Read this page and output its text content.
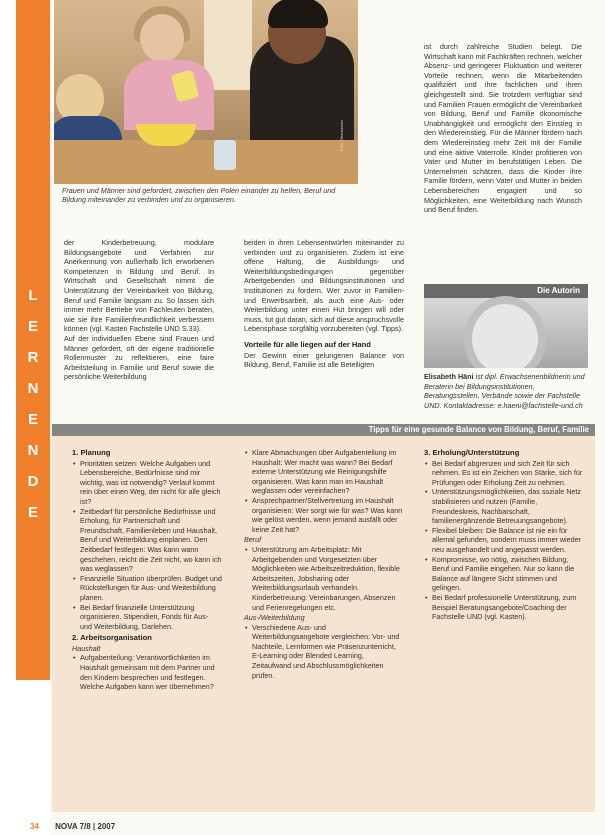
L
E
R
N
E
N
D
E
Foto: Oberbacher
Frauen und Männer sind gefordert, zwischen den Polen einander zu helfen, Beruf und Bildung miteinander zu verbinden und zu organisieren.

der Kinderbetreuung, modulare Bildungsangebote und Verfahren zur Anerkennung von außerhalb lich erworbenen Kompetenzen in Bildung und Beruf. In Wirtschaft und Gesellschaft nimmt die Unterstützung der Vereinbarkeit von Bildung, Beruf und Familie langsam zu. So lassen sich immer mehr Betriebe von Fachleuten beraten, wie sie ihre Familienfreundlichkeit verbessern können (vgl. Kasten Fachstelle UND S.33).

Auf der individuellen Ebene sind Frauen und Männer gefordert, oft der eigene traditionelle Rollenmuster zu reflektieren, eine faire Arbeitsteilung in Familie und Beruf sowie die persönliche Weiterbildung

beiden in ihren Lebensentwürfen miteinander zu verbinden und zu organisieren. Zudem ist eine offene Haltung, die Ausbildungs- und Weiterbildungsbedingungen gegenüber Arbeitgebenden und Bildungsinstitutionen und Institutionen zu fordern. Wer zuvor in Familien- und Erwerbsarbeit, als auch eine Aus- oder Weiterbildung unter einen Hut bringen will oder muss, tut gut daran, sich auf diese anspruchsvolle Lebensphase sorgfältig vorzubereiten (vgl. Tipps).

Vorteile für alle liegen auf der Hand

Der Gewinn einer gelungenen Balance von Bildung, Beruf, Familie ist alle Beteiligten

ist durch zahlreiche Studien belegt. Die Wirtschaft kann mit Fachkräften rechnen, welcher Absenz- und geringerer Fluktuation und weiterer Vorteile rechnen, wenn die Mitarbeitenden qualifiziert und ihre fachlichen und ihren gleichgestellt sind. Sie trotzdem verfügbar sind und Familien Frauen ermöglicht die Vereinbarkeit von Bildung, Beruf und Familie ökonomische Unabhängigkeit und ermöglicht den Einstieg in den Wiedereinstieg. Für die Männer fördern nach dem Wiedereinstieg mehr Zeit mit der Familie und eine aktive Vaterrolle. Kinder profitieren von Vater und Mutter im berufstätigen Leben. Die Unternehmen schätzen, dass die Kinder ihre Familie fördern, wenn Vater und Mutter in beiden Lebensbereichen engagiert und so Möglichkeiten, eine Weiterbildung nach Wunsch und Beruf finden.

Die Autorin
Elisabeth Häni ist dipl. Erwachsenenbildnerin und Beraterin bei Bildungsinstitutionen, Beratungsstellen, Verbände sowie der Fachstelle UND. Kontaktadresse: e.haeni@fachstelle-und.ch
Tipps für eine gesunde Balance von Bildung, Beruf, Familie
1. Planung
• Prioritäten setzen: Welche Aufgaben und Lebensbereiche, Bedürfnisse sind mir wichtig, was ist notwendig? Verlauf kommt rein über einen Weg, der nicht für alle gleich ist?
• Zeitbedarf für persönliche Bedürfnisse und Erholung, für Partnerschaft und Freundschaft, Familienleben und Haushalt, Beruf und Weiterbildung einplanen. Den Zeitbedarf festlegen: Was kann wann geschehen, reicht die Zeit nicht, wo kann ich was weglassen?
• Finanzielle Situation überprüfen. Budget und Rückstellungen für Aus- und Weiterbildung planen.
• Bei Bedarf finanzielle Unterstützung organisieren. Stipendien, Fonds für Aus- und Weiterbildung, Darlehen.
2. Arbeitsorganisation
Haushalt
• Aufgabenteilung: Verantwortlichkeiten im Haushalt gemeinsam mit dem Partner und den Kindern besprechen und festlegen. Welche Aufgaben kann wer übernehmen?
• Klare Abmachungen über Aufgabenteilung im Haushalt: Wer macht was wann? Bei Bedarf externe Unterstützung wie Reinigungshilfe organisieren. Was kann man im Haushalt weglassen oder vereinfachen?
• Ansprechpartner/Stellvertretung im Haushalt organisieren: Wer sorgt wie für was? Was kann wie gelöst werden, wenn jemand ausfällt oder keine Zeit hat?
Beruf
• Unterstützung am Arbeitsplatz: Mit Arbeitgebenden und Vorgesetzten über Möglichkeiten wie Arbeitszeitreduktion, flexible Arbeitszeiten, Jobsharing oder Weiterbildungsurlaub verhandeln. Kinderbetreuung: Vereinbarungen, Absenzen und Ferienregelungen etc.
Aus-/Weiterbildung
• Verschiedene Aus- und Weiterbildungsangebote vergleichen: Vor- und Nachteile, Lernformen wie Präsenzunterricht, E-Learning oder Blended Learning, Zeitaufwand und Abschlussmöglichkeiten prüfen.
3. Erholung/Unterstützung
• Bei Bedarf abgrenzen und sich Zeit für sich nehmen. Es ist ein Zeichen von Stärke, sich für Prüfungen oder Erholung Zeit zu nehmen.
• Unterstützungsmöglichkeiten, das soziale Netz stabilisieren und nutzen (Familie, Freundeskreis, Nachbarschaft, familienergänzende Betreuungsangebote).
• Flexibel bleiben: Die Balance ist nie ein für allemal gefunden, sondern muss immer wieder neu ausgehandelt und angepasst werden.
• Kompromisse, wo nötig, zwischen Bildung, Beruf und Familie eingehen. Nur so kann die Balance auf längere Sicht stimmen und gelingen.
• Bei Bedarf professionelle Unterstützung, zum Beispiel Beratungsangebote/Coaching der Fachstelle UND (vgl. Kasten).
34 NOVA 7/8 | 2007
